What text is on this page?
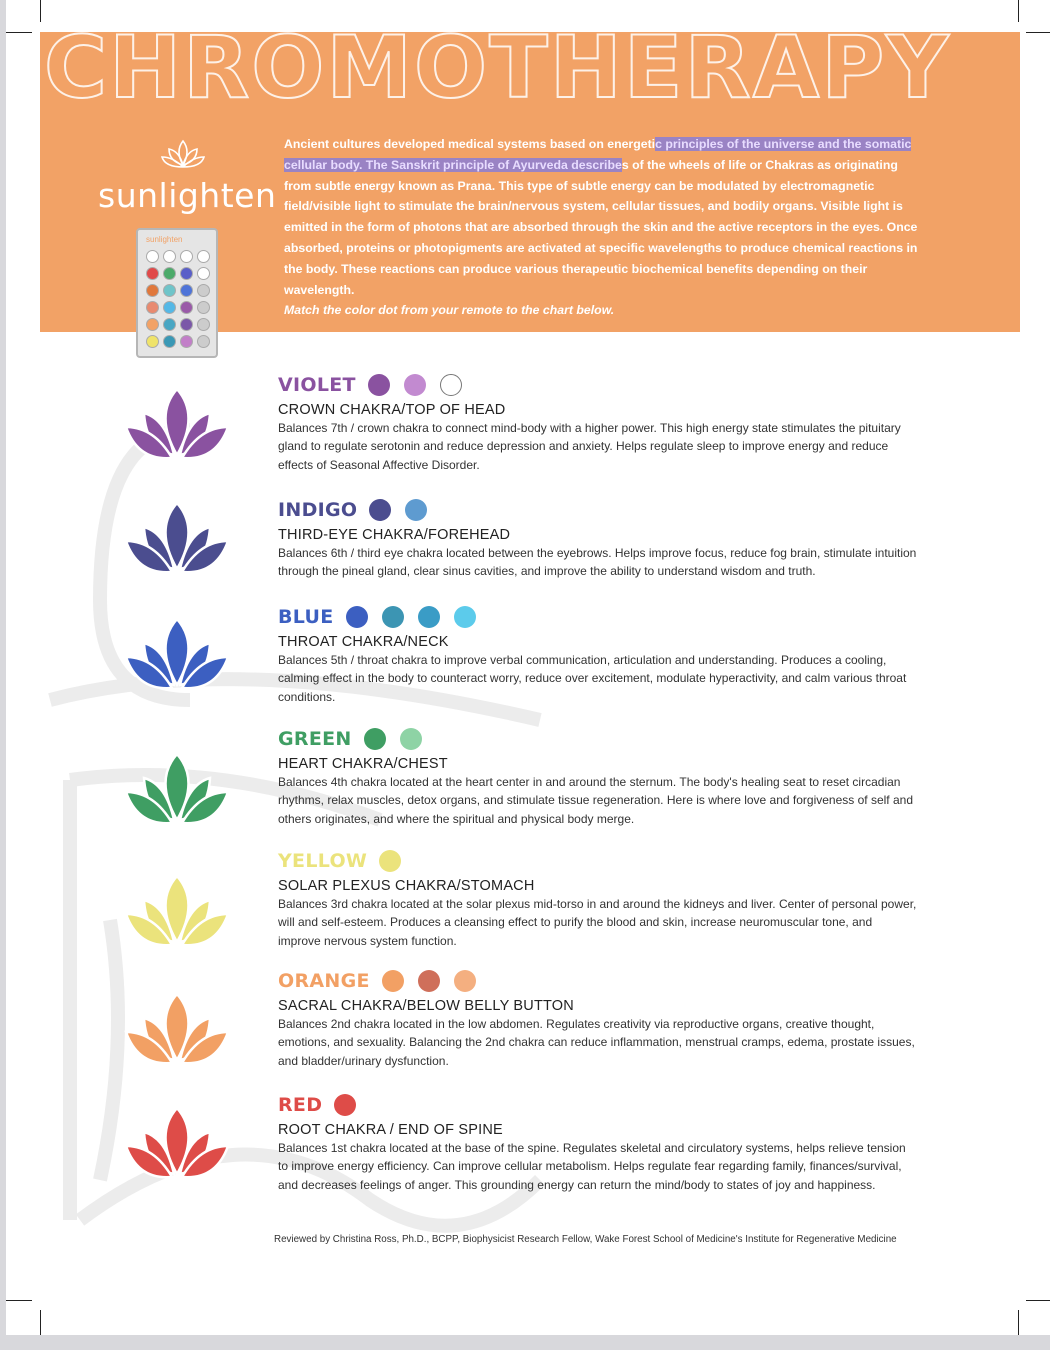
CHROMOTHERAPY
Ancient cultures developed medical systems based on energetic principles of the universe and the somatic cellular body. The Sanskrit principle of Ayurveda describes of the wheels of life or Chakras as originating from subtle energy known as Prana. This type of subtle energy can be modulated by electromagnetic field/visible light to stimulate the brain/nervous system, cellular tissues, and bodily organs. Visible light is emitted in the form of photons that are absorbed through the skin and the active receptors in the eyes. Once absorbed, proteins or photopigments are activated at specific wavelengths to produce chemical reactions in the body. These reactions can produce various therapeutic biochemical benefits depending on their wavelength.
Match the color dot from your remote to the chart below.
sunlighten
sunlighten
VIOLET
CROWN CHAKRA/TOP OF HEAD
Balances 7th / crown chakra to connect mind-body with a higher power. This high energy state stimulates the pituitary gland to regulate serotonin and reduce depression and anxiety. Helps regulate sleep to improve energy and reduce effects of Seasonal Affective Disorder.
INDIGO
THIRD-EYE CHAKRA/FOREHEAD
Balances 6th / third eye chakra located between the eyebrows. Helps improve focus, reduce fog brain, stimulate intuition through the pineal gland, clear sinus cavities, and improve the ability to understand wisdom and truth.
BLUE
THROAT CHAKRA/NECK
Balances 5th / throat chakra to improve verbal communication, articulation and understanding. Produces a cooling, calming effect in the body to counteract worry, reduce over excitement, modulate hyperactivity, and calm various throat conditions.
GREEN
HEART CHAKRA/CHEST
Balances 4th chakra located at the heart center in and around the sternum. The body's healing seat to reset circadian rhythms, relax muscles, detox organs, and stimulate tissue regeneration. Here is where love and forgiveness of self and others originates, and where the spiritual and physical body merge.
YELLOW
SOLAR PLEXUS CHAKRA/STOMACH
Balances 3rd chakra located at the solar plexus mid-torso in and around the kidneys and liver. Center of personal power, will and self-esteem. Produces a cleansing effect to purify the blood and skin, increase neuromuscular tone, and improve nervous system function.
ORANGE
SACRAL CHAKRA/BELOW BELLY BUTTON
Balances 2nd chakra located in the low abdomen. Regulates creativity via reproductive organs, creative thought, emotions, and sexuality. Balancing the 2nd chakra can reduce inflammation, menstrual cramps, edema, prostate issues, and bladder/urinary dysfunction.
RED
ROOT CHAKRA / END OF SPINE
Balances 1st chakra located at the base of the spine. Regulates skeletal and circulatory systems, helps relieve tension to improve energy efficiency. Can improve cellular metabolism. Helps regulate fear regarding family, finances/survival, and decreases feelings of anger. This grounding energy can return the mind/body to states of joy and happiness.
Reviewed by Christina Ross, Ph.D., BCPP, Biophysicist Research Fellow, Wake Forest School of Medicine's Institute for Regenerative Medicine
